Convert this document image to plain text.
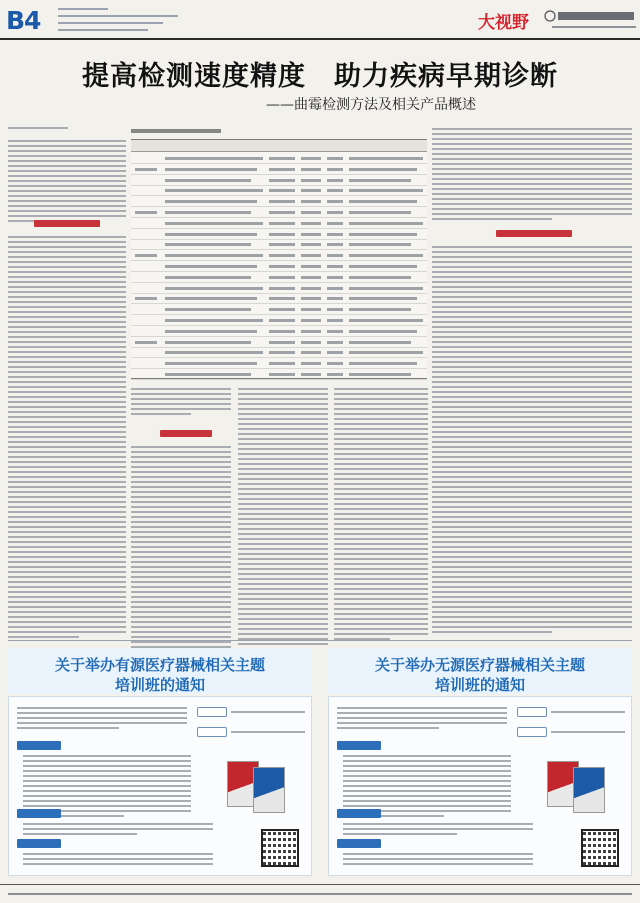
B4	大视野
提高检测速度精度　助力疾病早期诊断
——曲霉检测方法及相关产品概述
关于举办有源医疗器械相关主题
培训班的通知
关于举办无源医疗器械相关主题
培训班的通知
